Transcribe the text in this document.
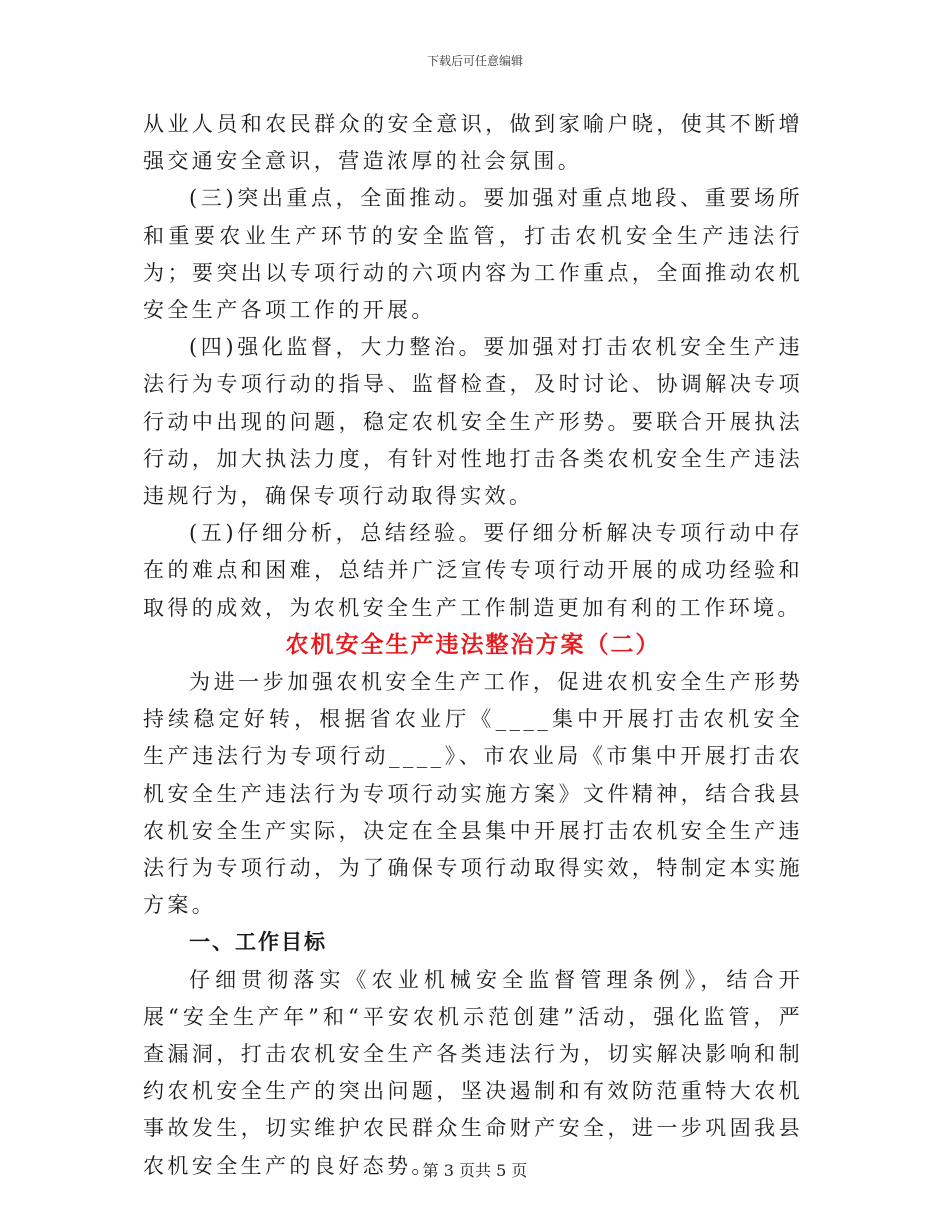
下载后可任意编辑

从业人员和农民群众的安全意识，做到家喻户晓，使其不断增强交通安全意识，营造浓厚的社会氛围。

(三)突出重点，全面推动。要加强对重点地段、重要场所和重要农业生产环节的安全监管，打击农机安全生产违法行为；要突出以专项行动的六项内容为工作重点，全面推动农机安全生产各项工作的开展。

(四)强化监督，大力整治。要加强对打击农机安全生产违法行为专项行动的指导、监督检查，及时讨论、协调解决专项行动中出现的问题，稳定农机安全生产形势。要联合开展执法行动，加大执法力度，有针对性地打击各类农机安全生产违法违规行为，确保专项行动取得实效。

(五)仔细分析，总结经验。要仔细分析解决专项行动中存在的难点和困难，总结并广泛宣传专项行动开展的成功经验和取得的成效，为农机安全生产工作制造更加有利的工作环境。

农机安全生产违法整治方案（二）

为进一步加强农机安全生产工作，促进农机安全生产形势持续稳定好转，根据省农业厅《____集中开展打击农机安全生产违法行为专项行动____》、市农业局《市集中开展打击农机安全生产违法行为专项行动实施方案》文件精神，结合我县农机安全生产实际，决定在全县集中开展打击农机安全生产违法行为专项行动，为了确保专项行动取得实效，特制定本实施方案。

一、工作目标

仔细贯彻落实《农业机械安全监督管理条例》，结合开展“安全生产年”和“平安农机示范创建”活动，强化监管，严查漏洞，打击农机安全生产各类违法行为，切实解决影响和制约农机安全生产的突出问题，坚决遏制和有效防范重特大农机事故发生，切实维护农民群众生命财产安全，进一步巩固我县农机安全生产的良好态势。

第 3 页共 5 页
